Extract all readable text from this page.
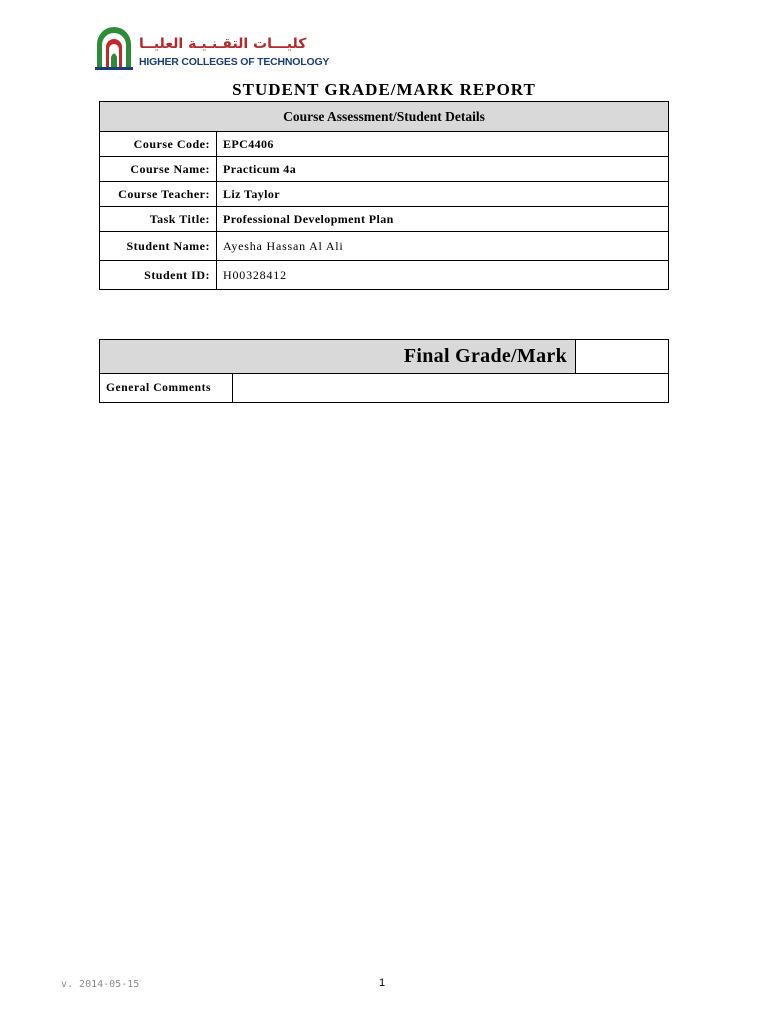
كليـــات التقـنـيـة العليــا
HIGHER COLLEGES OF TECHNOLOGY
STUDENT GRADE/MARK REPORT
Course Assessment/Student Details	
Course Code:	EPC4406
Course Name:	Practicum 4a
Course Teacher:	Liz Taylor
Task Title:	Professional Development Plan
Student Name:	Ayesha Hassan Al Ali
Student ID:	H00328412
Final Grade/Mark		
General Comments		
v. 2014-05-15	1
